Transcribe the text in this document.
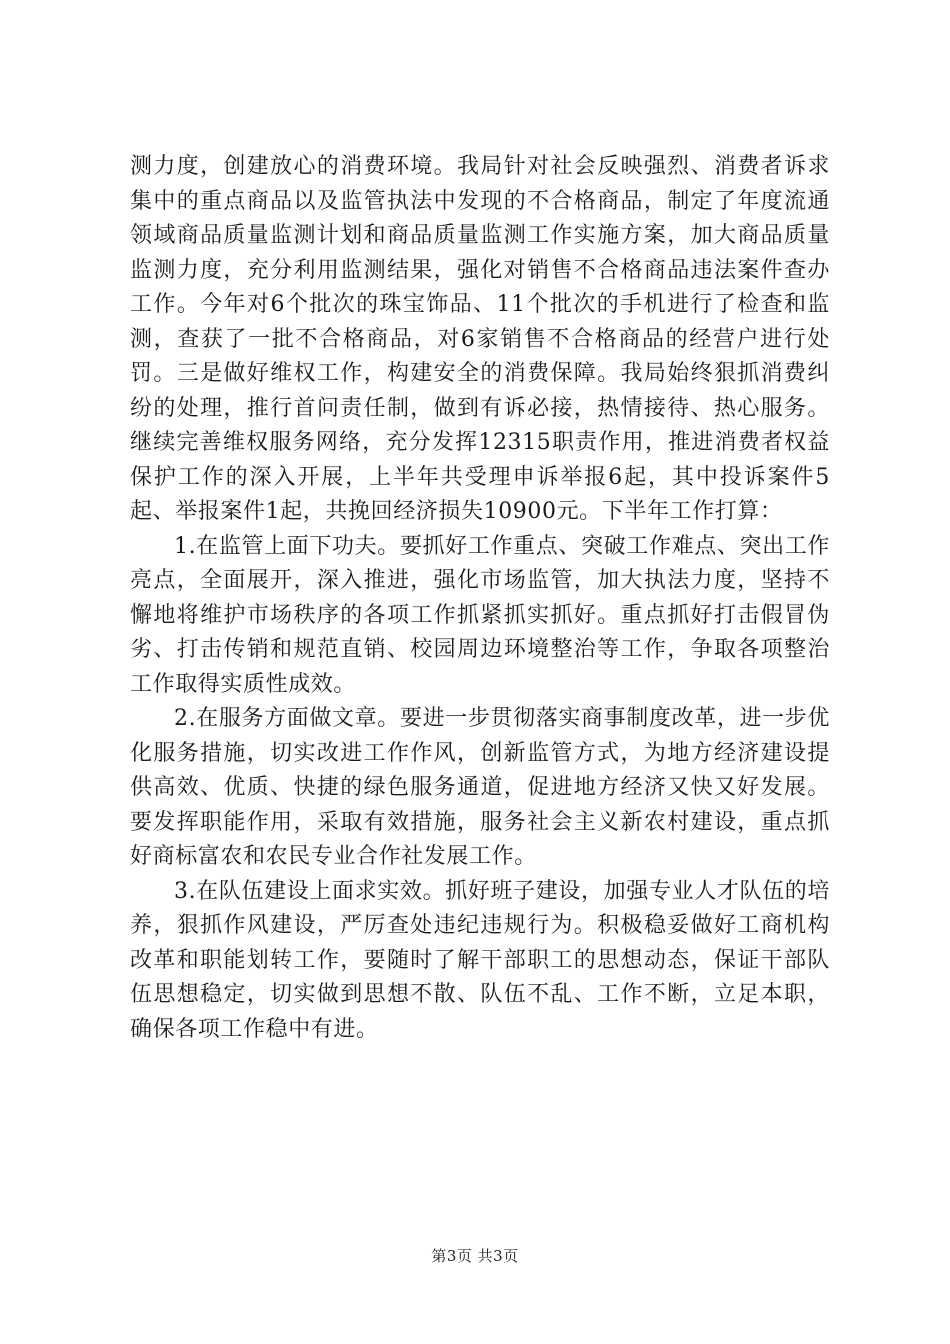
测力度，创建放心的消费环境。我局针对社会反映强烈、消费者诉求集中的重点商品以及监管执法中发现的不合格商品，制定了年度流通领域商品质量监测计划和商品质量监测工作实施方案，加大商品质量监测力度，充分利用监测结果，强化对销售不合格商品违法案件查办工作。今年对6个批次的珠宝饰品、11个批次的手机进行了检查和监测，查获了一批不合格商品，对6家销售不合格商品的经营户进行处罚。三是做好维权工作，构建安全的消费保障。我局始终狠抓消费纠纷的处理，推行首问责任制，做到有诉必接，热情接待、热心服务。继续完善维权服务网络，充分发挥12315职责作用，推进消费者权益保护工作的深入开展，上半年共受理申诉举报6起，其中投诉案件5起、举报案件1起，共挽回经济损失10900元。下半年工作打算：

1.在监管上面下功夫。要抓好工作重点、突破工作难点、突出工作亮点，全面展开，深入推进，强化市场监管，加大执法力度，坚持不懈地将维护市场秩序的各项工作抓紧抓实抓好。重点抓好打击假冒伪劣、打击传销和规范直销、校园周边环境整治等工作，争取各项整治工作取得实质性成效。

2.在服务方面做文章。要进一步贯彻落实商事制度改革，进一步优化服务措施，切实改进工作作风，创新监管方式，为地方经济建设提供高效、优质、快捷的绿色服务通道，促进地方经济又快又好发展。要发挥职能作用，采取有效措施，服务社会主义新农村建设，重点抓好商标富农和农民专业合作社发展工作。

3.在队伍建设上面求实效。抓好班子建设，加强专业人才队伍的培养，狠抓作风建设，严厉查处违纪违规行为。积极稳妥做好工商机构改革和职能划转工作，要随时了解干部职工的思想动态，保证干部队伍思想稳定，切实做到思想不散、队伍不乱、工作不断，立足本职，确保各项工作稳中有进。

第3页 共3页
